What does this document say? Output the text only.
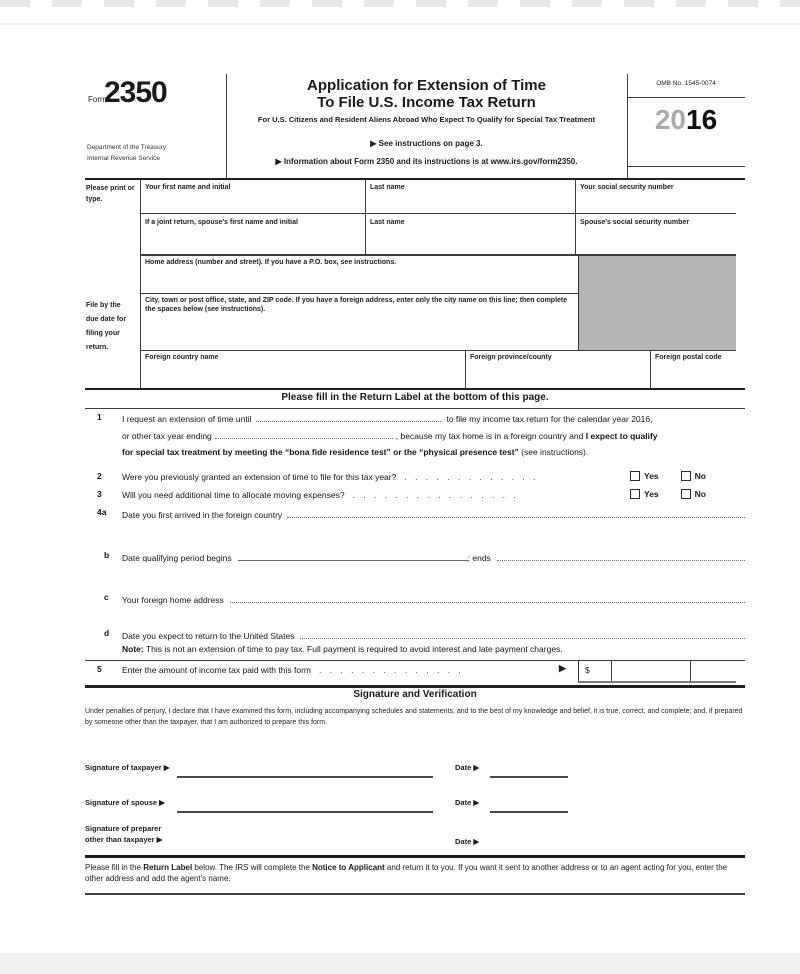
Form
2350
Department of the Treasury
Internal Revenue Service
Application for Extension of Time
To File U.S. Income Tax Return
For U.S. Citizens and Resident Aliens Abroad Who Expect To Qualify for Special Tax Treatment
▶ See instructions on page 3.
▶ Information about Form 2350 and its instructions is at www.irs.gov/form2350.
OMB No. 1545-0074
2016
Please print or type.
File by the due date for filing your return.
Your first name and initial	Last name	Your social security number
If a joint return, spouse's first name and initial	Last name	Spouse's social security number
Home address (number and street). If you have a P.O. box, see instructions.
City, town or post office, state, and ZIP code. If you have a foreign address, enter only the city name on this line; then complete the spaces below (see instructions).
Foreign country name	Foreign province/county	Foreign postal code
Please fill in the Return Label at the bottom of this page.
1 I request an extension of time until	to file my income tax return for the calendar year 2016,
or other tax year ending	, because my tax home is in a foreign country and I expect to qualify
for special tax treatment by meeting the “bona fide residence test” or the “physical presence test” (see instructions).
2 Were you previously granted an extension of time to file for this tax year? . . . . . . . . . . . . .	Yes	No
3 Will you need additional time to allocate moving expenses? . . . . . . . . . . . . . . . .	Yes	No
4a Date you first arrived in the foreign country
b Date qualifying period begins	; ends
c Your foreign home address
d Date you expect to return to the United States
Note: This is not an extension of time to pay tax. Full payment is required to avoid interest and late payment charges.
5 Enter the amount of income tax paid with this form . . . . . . . . . . . . . .	▶ $
Signature and Verification
Under penalties of perjury, I declare that I have examined this form, including accompanying schedules and statements, and to the best of my knowledge and belief, it is true, correct, and complete; and, if prepared by someone other than the taxpayer, that I am authorized to prepare this form.
Signature of taxpayer ▶	Date ▶
Signature of spouse ▶	Date ▶
Signature of preparer
other than taxpayer ▶	Date ▶
Please fill in the Return Label below. The IRS will complete the Notice to Applicant and return it to you. If you want it sent to another address or to an agent acting for you, enter the other address and add the agent's name.
